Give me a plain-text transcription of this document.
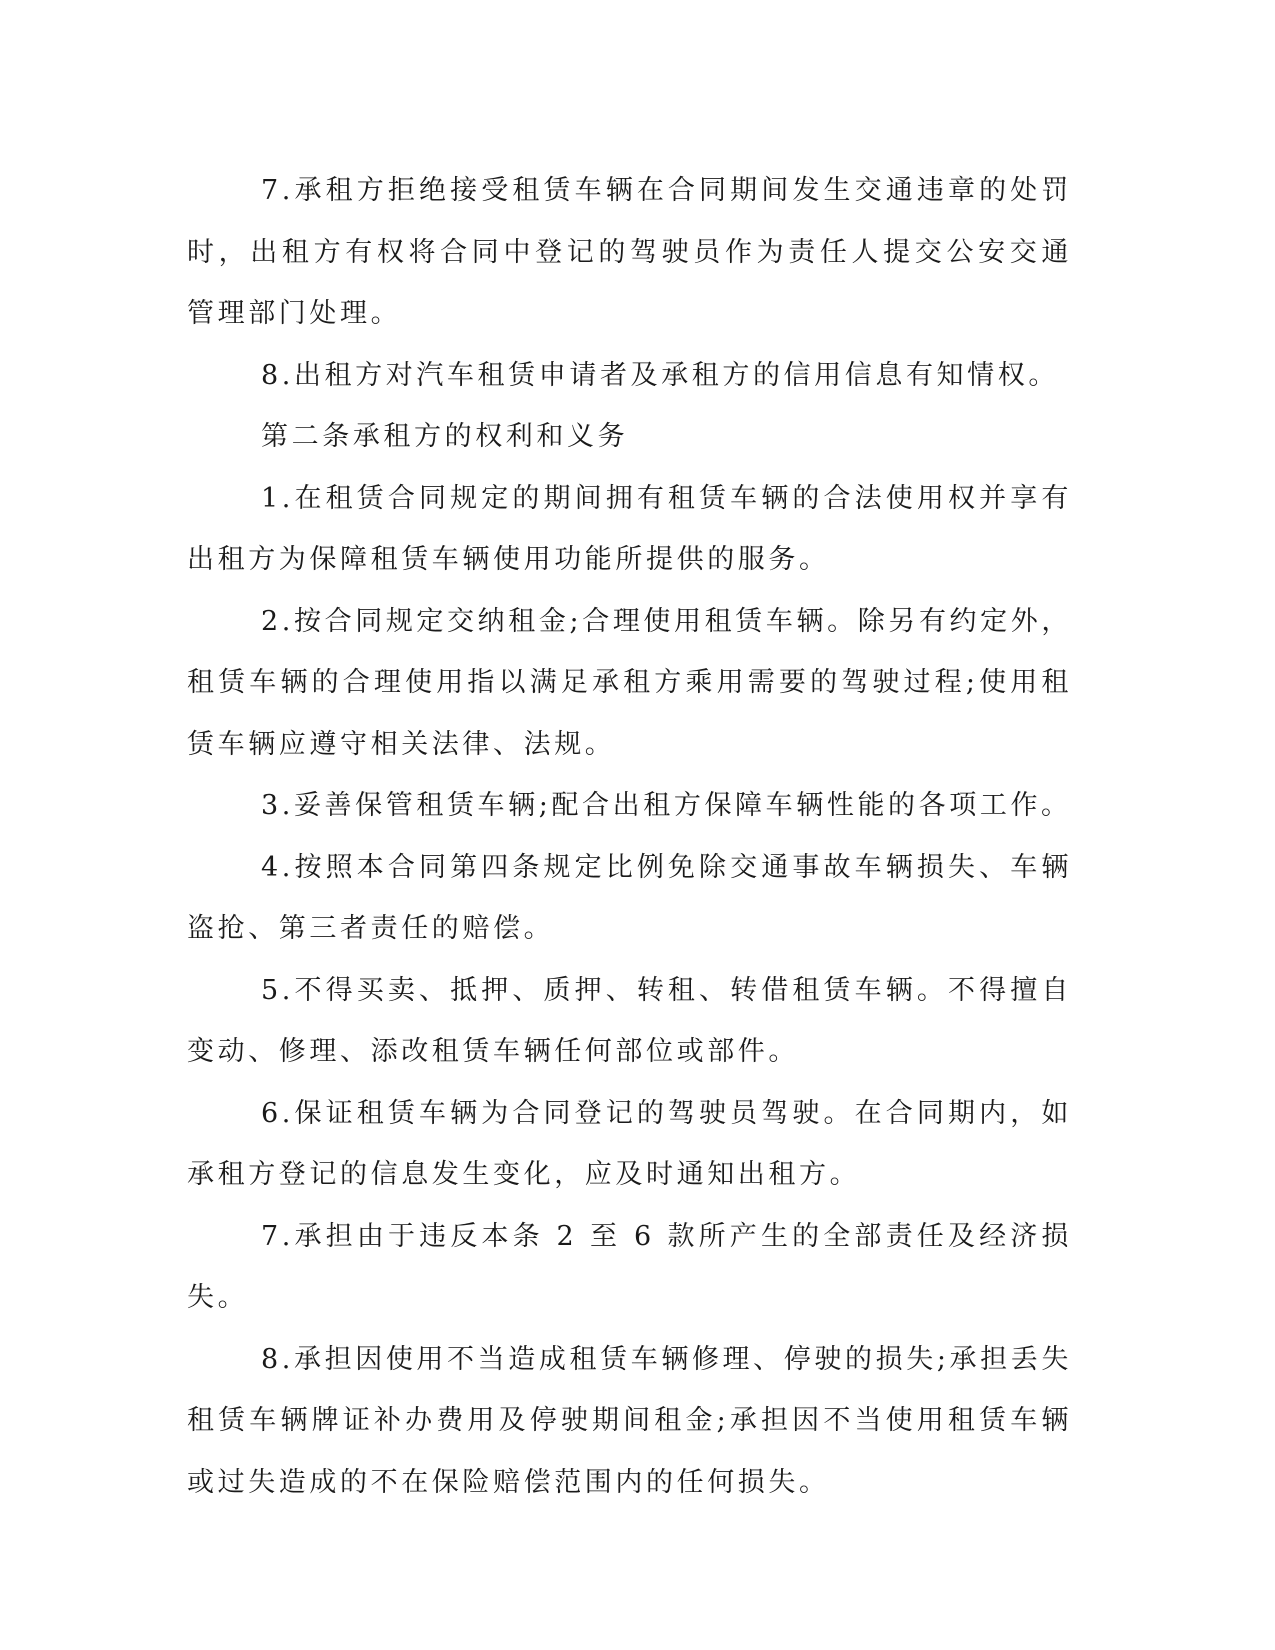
7.承租方拒绝接受租赁车辆在合同期间发生交通违章的处罚时，出租方有权将合同中登记的驾驶员作为责任人提交公安交通管理部门处理。

8.出租方对汽车租赁申请者及承租方的信用信息有知情权。

第二条承租方的权利和义务

1.在租赁合同规定的期间拥有租赁车辆的合法使用权并享有出租方为保障租赁车辆使用功能所提供的服务。

2.按合同规定交纳租金;合理使用租赁车辆。除另有约定外，租赁车辆的合理使用指以满足承租方乘用需要的驾驶过程;使用租赁车辆应遵守相关法律、法规。

3.妥善保管租赁车辆;配合出租方保障车辆性能的各项工作。

4.按照本合同第四条规定比例免除交通事故车辆损失、车辆盗抢、第三者责任的赔偿。

5.不得买卖、抵押、质押、转租、转借租赁车辆。不得擅自变动、修理、添改租赁车辆任何部位或部件。

6.保证租赁车辆为合同登记的驾驶员驾驶。在合同期内，如承租方登记的信息发生变化，应及时通知出租方。

7.承担由于违反本条 2 至 6 款所产生的全部责任及经济损失。

8.承担因使用不当造成租赁车辆修理、停驶的损失;承担丢失租赁车辆牌证补办费用及停驶期间租金;承担因不当使用租赁车辆或过失造成的不在保险赔偿范围内的任何损失。
